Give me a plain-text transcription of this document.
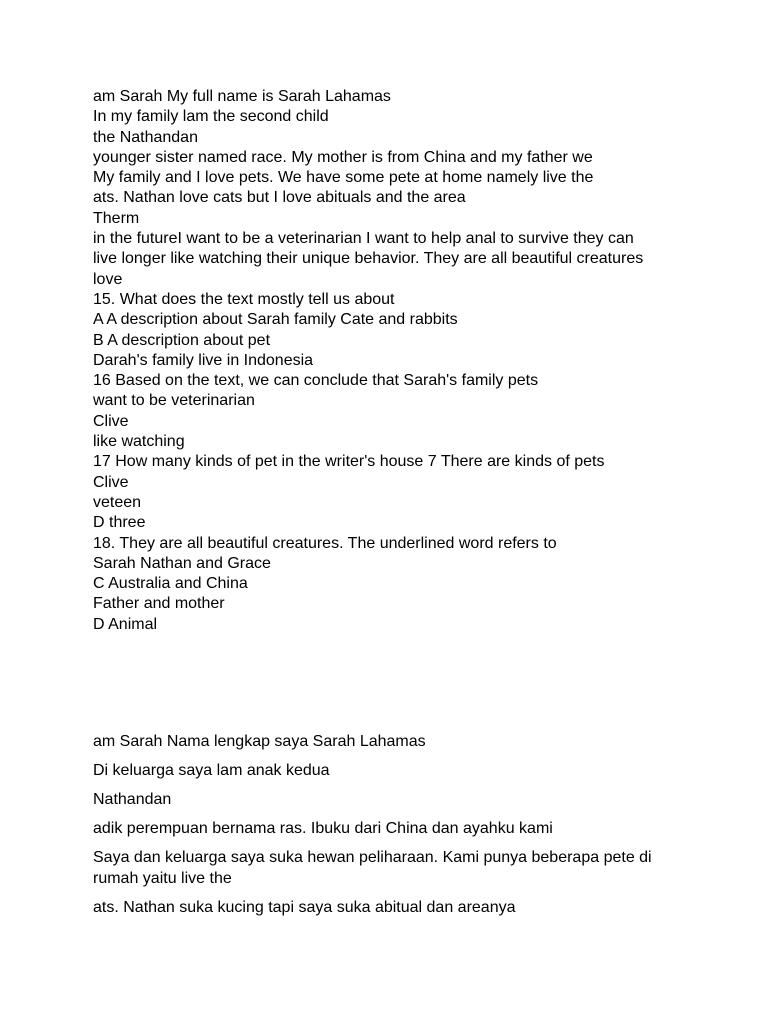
am Sarah My full name is Sarah Lahamas
In my family lam the second child
the Nathandan
younger sister named race. My mother is from China and my father we
My family and I love pets. We have some pete at home namely live the
ats. Nathan love cats but I love abituals and the area
Therm
in the futureI want to be a veterinarian I want to help anal to survive they can
live longer like watching their unique behavior. They are all beautiful creatures love
15. What does the text mostly tell us about
A A description about Sarah family Cate and rabbits
B A description about pet
Darah's family live in Indonesia
16 Based on the text, we can conclude that Sarah's family pets
want to be veterinarian
Clive
like watching
17 How many kinds of pet in the writer's house 7 There are kinds of pets
Clive
veteen
D three
18. They are all beautiful creatures. The underlined word refers to
Sarah Nathan and Grace
C Australia and China
Father and mother
D Animal
am Sarah Nama lengkap saya Sarah Lahamas
Di keluarga saya lam anak kedua
Nathandan
adik perempuan bernama ras. Ibuku dari China dan ayahku kami
Saya dan keluarga saya suka hewan peliharaan. Kami punya beberapa pete di rumah yaitu live the
ats. Nathan suka kucing tapi saya suka abitual dan areanya
